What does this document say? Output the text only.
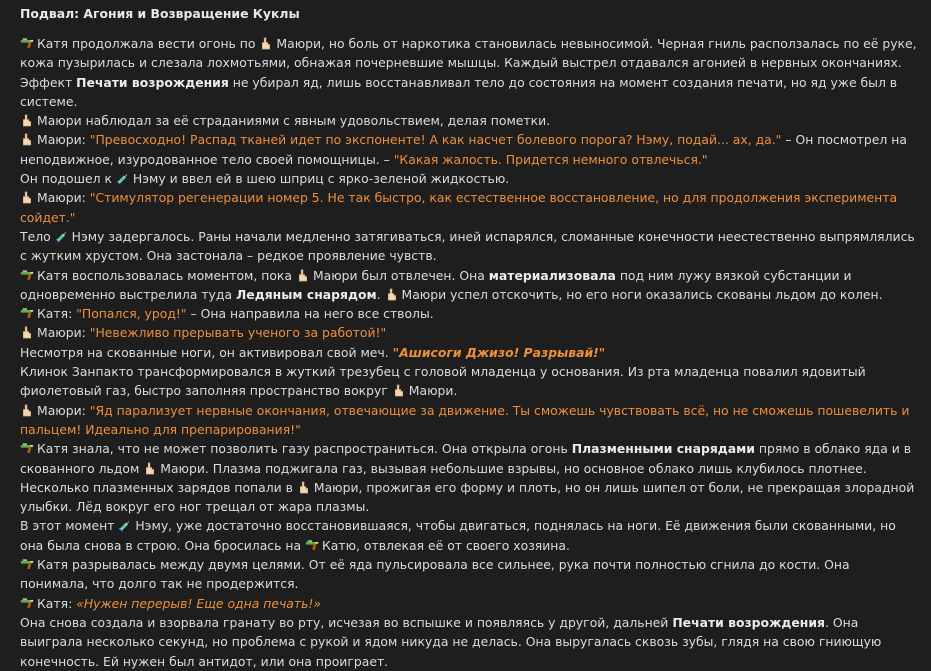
Подвал: Агония и Возвращение Куклы

Катя продолжала вести огонь по Маюри, но боль от наркотика становилась невыносимой. Черная гниль расползалась по её руке, кожа пузырилась и слезала лохмотьями, обнажая почерневшие мышцы. Каждый выстрел отдавался агонией в нервных окончаниях. Эффект Печати возрождения не убирал яд, лишь восстанавливал тело до состояния на момент создания печати, но яд уже был в системе.

Маюри наблюдал за её страданиями с явным удовольствием, делая пометки.

Маюри: "Превосходно! Распад тканей идет по экспоненте! А как насчет болевого порога? Нэму, подай... ах, да." – Он посмотрел на неподвижное, изуродованное тело своей помощницы. – "Какая жалость. Придется немного отвлечься."

Он подошел к Нэму и ввел ей в шею шприц с ярко-зеленой жидкостью.

Маюри: "Стимулятор регенерации номер 5. Не так быстро, как естественное восстановление, но для продолжения эксперимента сойдет."

Тело Нэму задергалось. Раны начали медленно затягиваться, иней испарялся, сломанные конечности неестественно выпрямлялись с жутким хрустом. Она застонала – редкое проявление чувств.

Катя воспользовалась моментом, пока Маюри был отвлечен. Она материализовала под ним лужу вязкой субстанции и одновременно выстрелила туда Ледяным снарядом. Маюри успел отскочить, но его ноги оказались скованы льдом до колен.

Катя: "Попался, урод!" – Она направила на него все стволы.

Маюри: "Невежливо прерывать ученого за работой!"

Несмотря на скованные ноги, он активировал свой меч. "Ашисоги Джизо! Разрывай!"

Клинок Занпакто трансформировался в жуткий трезубец с головой младенца у основания. Из рта младенца повалил ядовитый фиолетовый газ, быстро заполняя пространство вокруг Маюри.

Маюри: "Яд парализует нервные окончания, отвечающие за движение. Ты сможешь чувствовать всё, но не сможешь пошевелить и пальцем! Идеально для препарирования!"

Катя знала, что не может позволить газу распространиться. Она открыла огонь Плазменными снарядами прямо в облако яда и в скованного льдом Маюри. Плазма поджигала газ, вызывая небольшие взрывы, но основное облако лишь клубилось плотнее. Несколько плазменных зарядов попали в Маюри, прожигая его форму и плоть, но он лишь шипел от боли, не прекращая злорадной улыбки. Лёд вокруг его ног трещал от жара плазмы.

В этот момент Нэму, уже достаточно восстановившаяся, чтобы двигаться, поднялась на ноги. Её движения были скованными, но она была снова в строю. Она бросилась на Катю, отвлекая её от своего хозяина.

Катя разрывалась между двумя целями. От её яда пульсировала все сильнее, рука почти полностью сгнила до кости. Она понимала, что долго так не продержится.

Катя: «Нужен перерыв! Еще одна печать!»

Она снова создала и взорвала гранату во рту, исчезая во вспышке и появляясь у другой, дальней Печати возрождения. Она выиграла несколько секунд, но проблема с рукой и ядом никуда не делась. Она выругалась сквозь зубы, глядя на свою гниющую конечность. Ей нужен был антидот, или она проиграет.
